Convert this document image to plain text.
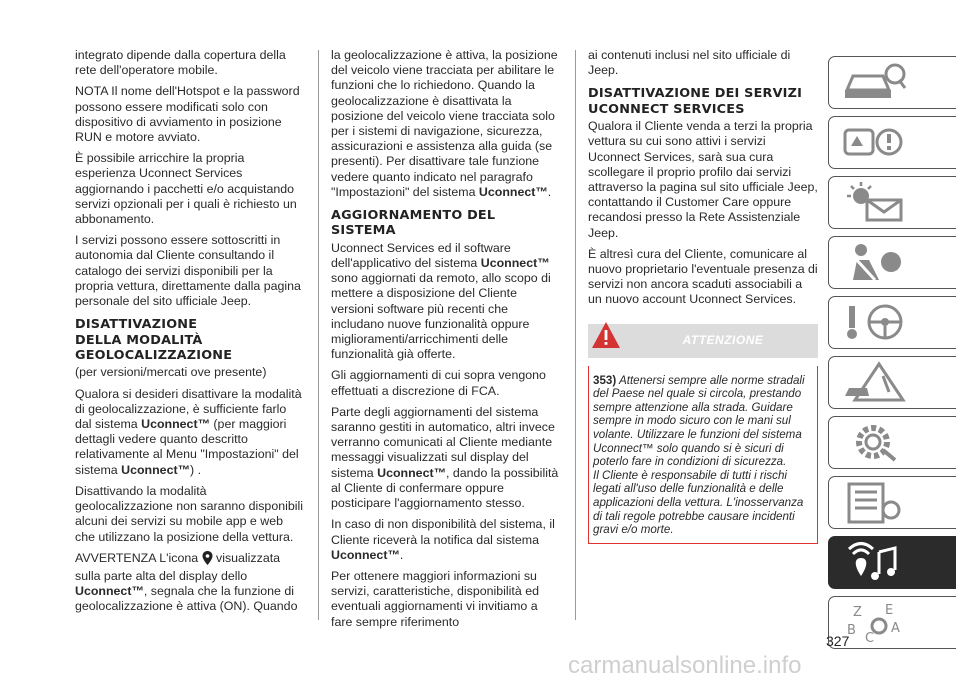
integrato dipende dalla copertura della rete dell'operatore mobile.

NOTA Il nome dell'Hotspot e la password possono essere modificati solo con dispositivo di avviamento in posizione RUN e motore avviato.

È possibile arricchire la propria esperienza Uconnect Services aggiornando i pacchetti e/o acquistando servizi opzionali per i quali è richiesto un abbonamento.

I servizi possono essere sottoscritti in autonomia dal Cliente consultando il catalogo dei servizi disponibili per la propria vettura, direttamente dalla pagina personale del sito ufficiale Jeep.

DISATTIVAZIONE
DELLA MODALITÀ
GEOLOCALIZZAZIONE

(per versioni/mercati ove presente)

Qualora si desideri disattivare la modalità di geolocalizzazione, è sufficiente farlo dal sistema Uconnect™ (per maggiori dettagli vedere quanto descritto relativamente al Menu "Impostazioni" del sistema Uconnect™) .

Disattivando la modalità geolocalizzazione non saranno disponibili alcuni dei servizi su mobile app e web che utilizzano la posizione della vettura.

AVVERTENZA L'icona  visualizzata sulla parte alta del display dello Uconnect™, segnala che la funzione di geolocalizzazione è attiva (ON). Quando

la geolocalizzazione è attiva, la posizione del veicolo viene tracciata per abilitare le funzioni che lo richiedono. Quando la geolocalizzazione è disattivata la posizione del veicolo viene tracciata solo per i sistemi di navigazione, sicurezza, assicurazioni e assistenza alla guida (se presenti). Per disattivare tale funzione vedere quanto indicato nel paragrafo "Impostazioni" del sistema Uconnect™.

AGGIORNAMENTO DEL SISTEMA

Uconnect Services ed il software dell'applicativo del sistema Uconnect™ sono aggiornati da remoto, allo scopo di mettere a disposizione del Cliente versioni software più recenti che includano nuove funzionalità oppure miglioramenti/arricchimenti delle funzionalità già offerte.

Gli aggiornamenti di cui sopra vengono effettuati a discrezione di FCA.

Parte degli aggiornamenti del sistema saranno gestiti in automatico, altri invece verranno comunicati al Cliente mediante messaggi visualizzati sul display del sistema Uconnect™, dando la possibilità al Cliente di confermare oppure posticipare l'aggiornamento stesso.

In caso di non disponibilità del sistema, il Cliente riceverà la notifica dal sistema Uconnect™.

Per ottenere maggiori informazioni su servizi, caratteristiche, disponibilità ed eventuali aggiornamenti vi invitiamo a fare sempre riferimento

ai contenuti inclusi nel sito ufficiale di Jeep.

DISATTIVAZIONE DEI SERVIZI
UCONNECT SERVICES

Qualora il Cliente venda a terzi la propria vettura su cui sono attivi i servizi Uconnect Services, sarà sua cura scollegare il proprio profilo dai servizi attraverso la pagina sul sito ufficiale Jeep, contattando il Customer Care oppure recandosi presso la Rete Assistenziale Jeep.

È altresì cura del Cliente, comunicare al nuovo proprietario l'eventuale presenza di servizi non ancora scaduti associabili a un nuovo account Uconnect Services.

ATTENZIONE

353) Attenersi sempre alle norme stradali del Paese nel quale si circola, prestando sempre attenzione alla strada. Guidare sempre in modo sicuro con le mani sul volante. Utilizzare le funzioni del sistema Uconnect™ solo quando si è sicuri di poterlo fare in condizioni di sicurezza.

Il Cliente è responsabile di tutti i rischi legati all'uso delle funzionalità e delle applicazioni della vettura. L'inosservanza di tali regole potrebbe causare incidenti gravi e/o morte.

Z E
B	A
C
327
carmanualsonline.info
